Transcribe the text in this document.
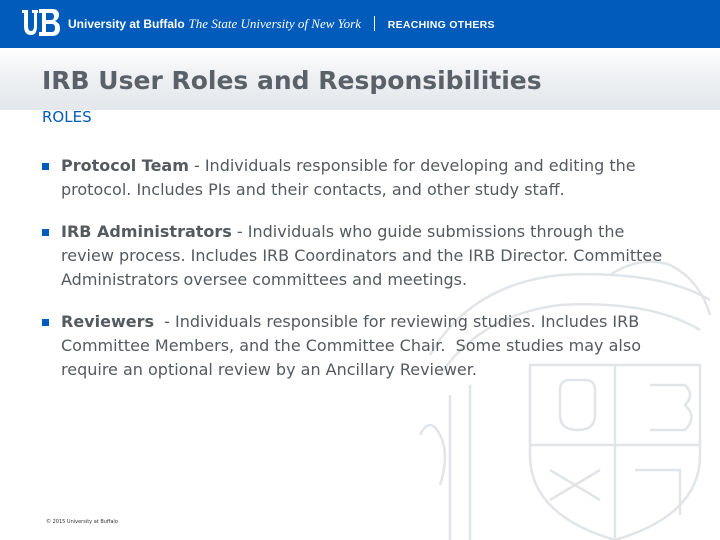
University at Buffalo The State University of New York	REACHING OTHERS
IRB User Roles and Responsibilities
ROLES
Protocol Team - Individuals responsible for developing and editing the protocol. Includes PIs and their contacts, and other study staff.
IRB Administrators - Individuals who guide submissions through the review process. Includes IRB Coordinators and the IRB Director. Committee Administrators oversee committees and meetings.
Reviewers  - Individuals responsible for reviewing studies. Includes IRB Committee Members, and the Committee Chair.  Some studies may also require an optional review by an Ancillary Reviewer.
© 2015 University at Buffalo
